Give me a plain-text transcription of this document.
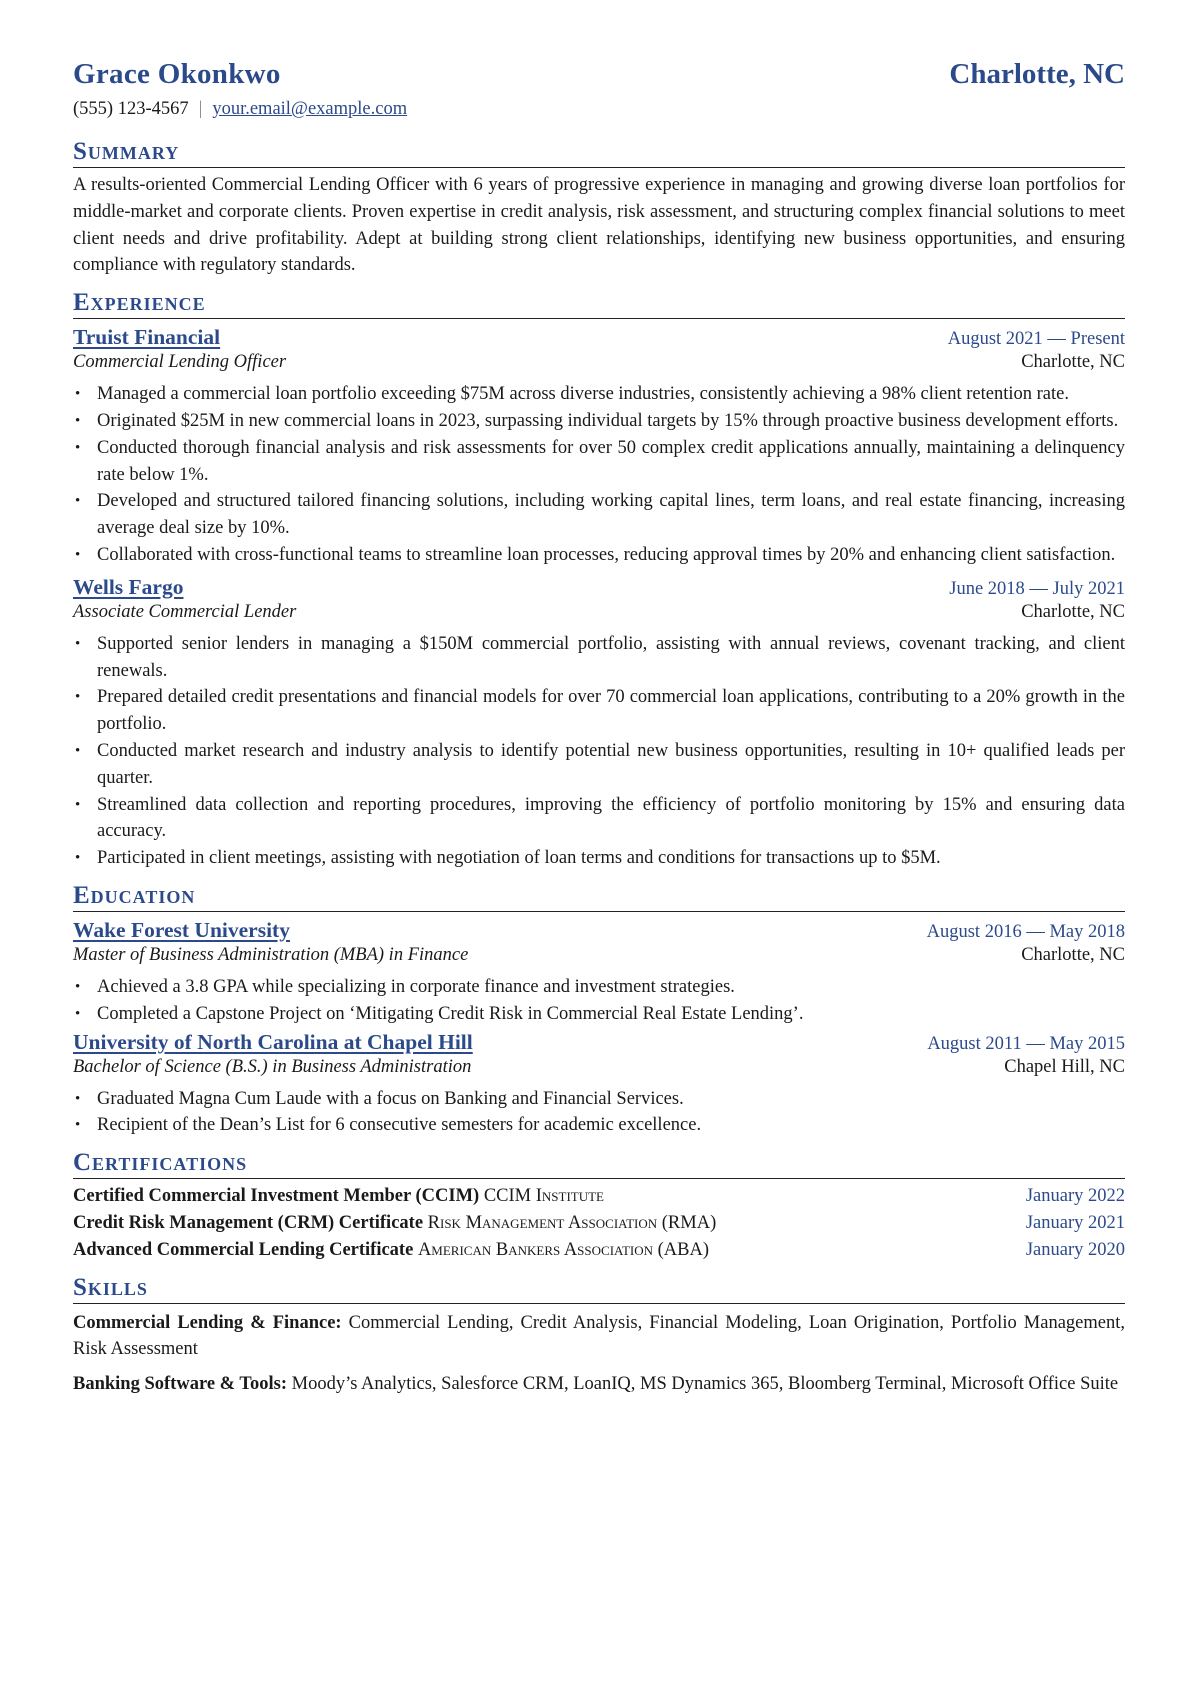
Grace Okonkwo	Charlotte, NC
(555) 123-4567 | your.email@example.com
Summary
A results-oriented Commercial Lending Officer with 6 years of progressive experience in managing and growing diverse loan portfolios for middle-market and corporate clients. Proven expertise in credit analysis, risk assessment, and structuring complex financial solutions to meet client needs and drive profitability. Adept at building strong client relationships, identifying new business opportunities, and ensuring compliance with regulatory standards.
Experience
Truist Financial	August 2021 — Present
Commercial Lending Officer	Charlotte, NC
• Managed a commercial loan portfolio exceeding $75M across diverse industries, consistently achieving a 98% client retention rate.
• Originated $25M in new commercial loans in 2023, surpassing individual targets by 15% through proactive business development efforts.
• Conducted thorough financial analysis and risk assessments for over 50 complex credit applications annually, maintaining a delinquency rate below 1%.
• Developed and structured tailored financing solutions, including working capital lines, term loans, and real estate financing, increasing average deal size by 10%.
• Collaborated with cross-functional teams to streamline loan processes, reducing approval times by 20% and enhancing client satisfaction.
Wells Fargo	June 2018 — July 2021
Associate Commercial Lender	Charlotte, NC
• Supported senior lenders in managing a $150M commercial portfolio, assisting with annual reviews, covenant tracking, and client renewals.
• Prepared detailed credit presentations and financial models for over 70 commercial loan applications, contributing to a 20% growth in the portfolio.
• Conducted market research and industry analysis to identify potential new business opportunities, resulting in 10+ qualified leads per quarter.
• Streamlined data collection and reporting procedures, improving the efficiency of portfolio monitoring by 15% and ensuring data accuracy.
• Participated in client meetings, assisting with negotiation of loan terms and conditions for transactions up to $5M.
Education
Wake Forest University	August 2016 — May 2018
Master of Business Administration (MBA) in Finance	Charlotte, NC
• Achieved a 3.8 GPA while specializing in corporate finance and investment strategies.
• Completed a Capstone Project on ‘Mitigating Credit Risk in Commercial Real Estate Lending’.
University of North Carolina at Chapel Hill	August 2011 — May 2015
Bachelor of Science (B.S.) in Business Administration	Chapel Hill, NC
• Graduated Magna Cum Laude with a focus on Banking and Financial Services.
• Recipient of the Dean’s List for 6 consecutive semesters for academic excellence.
Certifications
Certified Commercial Investment Member (CCIM) CCIM Institute	January 2022
Credit Risk Management (CRM) Certificate Risk Management Association (RMA)	January 2021
Advanced Commercial Lending Certificate American Bankers Association (ABA)	January 2020
Skills
Commercial Lending & Finance: Commercial Lending, Credit Analysis, Financial Modeling, Loan Origination, Portfolio Management, Risk Assessment
Banking Software & Tools: Moody’s Analytics, Salesforce CRM, LoanIQ, MS Dynamics 365, Bloomberg Terminal, Microsoft Office Suite
